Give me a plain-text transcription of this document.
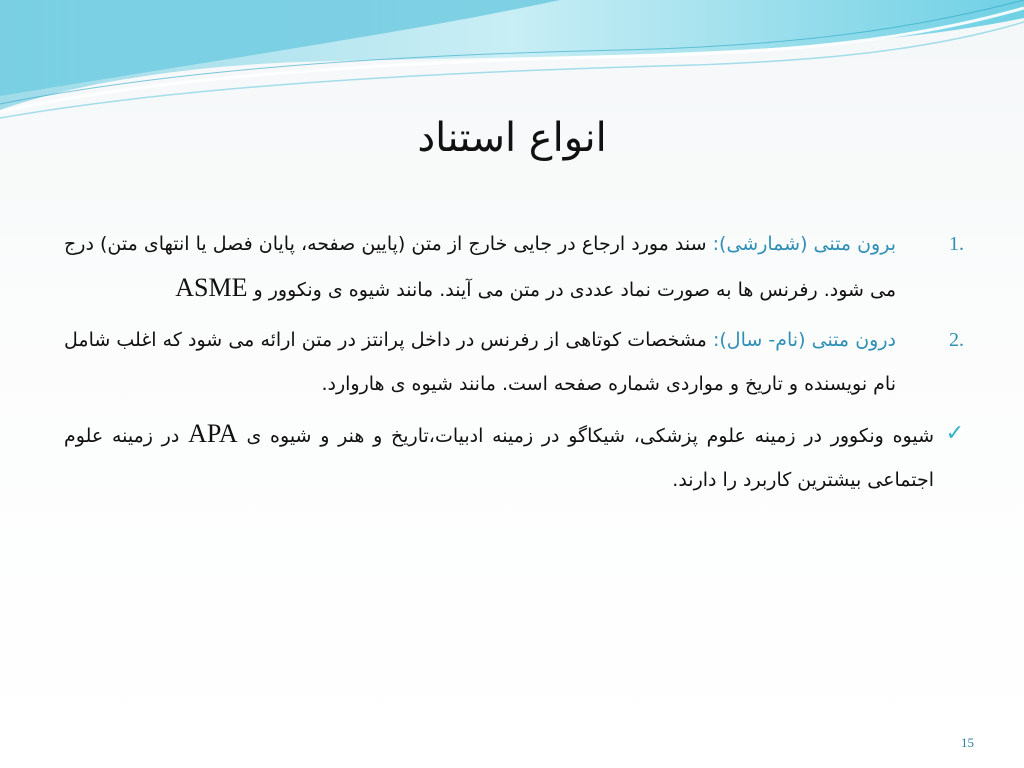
انواع استناد
1.

برون متنی (شمارشی): سند مورد ارجاع در جایی خارج از متن (پایین صفحه، پایان فصل یا انتهای متن) درج می شود. رفرنس ها به صورت نماد عددی در متن می آیند. مانند شیوه ی ونکوور و ASME

2.

درون متنی (نام- سال): مشخصات کوتاهی از رفرنس در داخل پرانتز در متن ارائه می شود که اغلب شامل نام نویسنده و تاریخ و مواردی شماره صفحه است. مانند شیوه ی هاروارد.

✓

شیوه ونکوور در زمینه علوم پزشکی، شیکاگو در زمینه ادبیات،تاریخ و هنر و شیوه ی APA در زمینه علوم اجتماعی بیشترین کاربرد را دارند.

15
